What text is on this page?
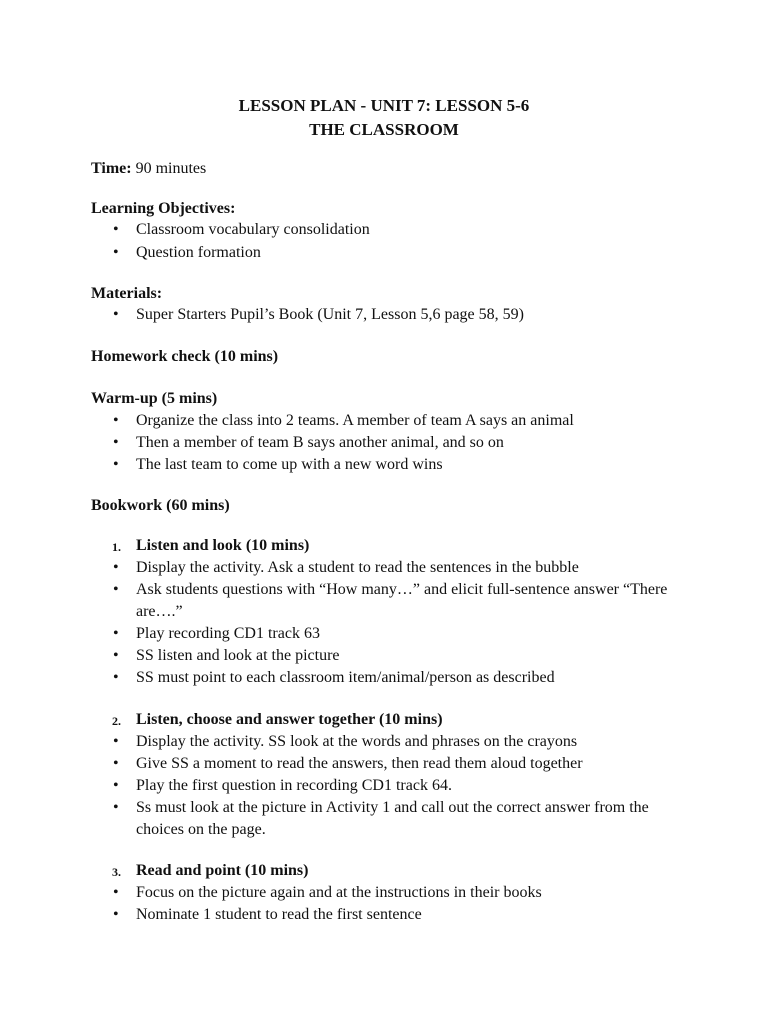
LESSON PLAN - UNIT 7: LESSON 5-6
THE CLASSROOM
Time: 90 minutes
Learning Objectives:
• Classroom vocabulary consolidation
• Question formation
Materials:
• Super Starters Pupil’s Book (Unit 7, Lesson 5,6 page 58, 59)
Homework check (10 mins)
Warm-up (5 mins)
• Organize the class into 2 teams. A member of team A says an animal
• Then a member of team B says another animal, and so on
• The last team to come up with a new word wins
Bookwork (60 mins)
1. Listen and look (10 mins)
• Display the activity. Ask a student to read the sentences in the bubble
• Ask students questions with “How many…” and elicit full-sentence answer “There are….”
• Play recording CD1 track 63
• SS listen and look at the picture
• SS must point to each classroom item/animal/person as described
2. Listen, choose and answer together (10 mins)
• Display the activity. SS look at the words and phrases on the crayons
• Give SS a moment to read the answers, then read them aloud together
• Play the first question in recording CD1 track 64.
• Ss must look at the picture in Activity 1 and call out the correct answer from the choices on the page.
3. Read and point (10 mins)
• Focus on the picture again and at the instructions in their books
• Nominate 1 student to read the first sentence
